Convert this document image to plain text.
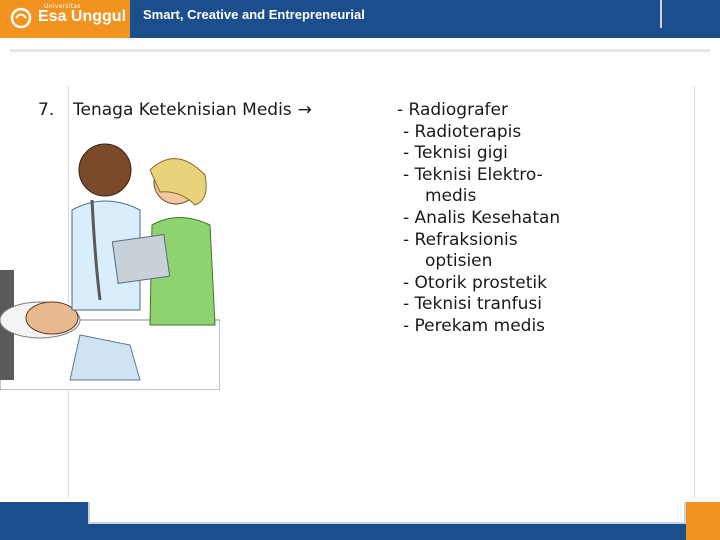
Universitas
Esa Unggul Smart, Creative and Entrepreneurial
7. Tenaga Keteknisian Medis →	- Radiografer
- Radioterapis
- Teknisi gigi
- Teknisi Elektro-
medis
- Analis Kesehatan
- Refraksionis
optisien
- Otorik prostetik
- Teknisi tranfusi
- Perekam medis
